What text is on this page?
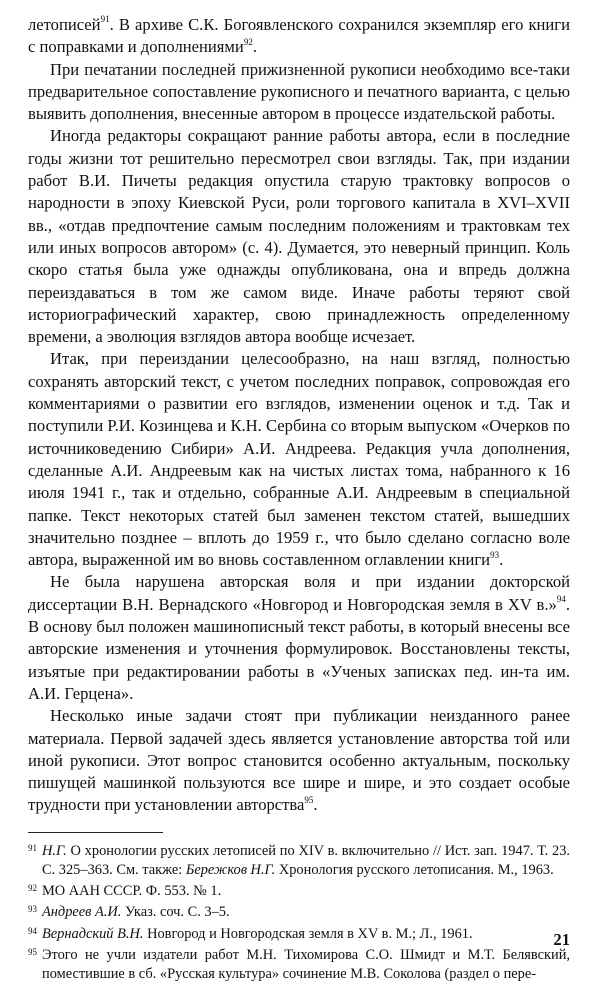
летописей$^{91}$. В архиве С.К. Богоявленского сохранился экземпляр его книги с поправками и дополнениями$^{92}$.

При печатании последней прижизненной рукописи необходимо все-таки предварительное сопоставление рукописного и печатного варианта, с целью выявить дополнения, внесенные автором в процессе издательской работы.

Иногда редакторы сокращают ранние работы автора, если в последние годы жизни тот решительно пересмотрел свои взгляды. Так, при издании работ В.И. Пичеты редакция опустила старую трактовку вопросов о народности в эпоху Киевской Руси, роли торгового капитала в XVI–XVII вв., «отдав предпочтение самым последним положениям и трактовкам тех или иных вопросов автором» (с. 4). Думается, это неверный принцип. Коль скоро статья была уже однажды опубликована, она и впредь должна переиздаваться в том же самом виде. Иначе работы теряют свой историографический характер, свою принадлежность определенному времени, а эволюция взглядов автора вообще исчезает.

Итак, при переиздании целесообразно, на наш взгляд, полностью сохранять авторский текст, с учетом последних поправок, сопровождая его комментариями о развитии его взглядов, изменении оценок и т.д. Так и поступили Р.И. Козинцева и К.Н. Сербина со вторым выпуском «Очерков по источниковедению Сибири» А.И. Андреева. Редакция учла дополнения, сделанные А.И. Андреевым как на чистых листах тома, набранного к 16 июля 1941 г., так и отдельно, собранные А.И. Андреевым в специальной папке. Текст некоторых статей был заменен текстом статей, вышедших значительно позднее – вплоть до 1959 г., что было сделано согласно воле автора, выраженной им во вновь составленном оглавлении книги$^{93}$.

Не была нарушена авторская воля и при издании докторской диссертации В.Н. Вернадского «Новгород и Новгородская земля в XV в.»$^{94}$. В основу был положен машинописный текст работы, в который внесены все авторские изменения и уточнения формулировок. Восстановлены тексты, изъятые при редактировании работы в «Ученых записках пед. ин-та им. А.И. Герцена».

Несколько иные задачи стоят при публикации неизданного ранее материала. Первой задачей здесь является установление авторства той или иной рукописи. Этот вопрос становится особенно актуальным, поскольку пишущей машинкой пользуются все шире и шире, и это создает особые трудности при установлении авторства$^{95}$.

91 Н.Г. О хронологии русских летописей по XIV в. включительно // Ист. зап. 1947. Т. 23. С. 325–363. См. также: Бережков Н.Г. Хронология русского летописания. М., 1963.
92 МО ААН СССР. Ф. 553. № 1.
93 Андреев А.И. Указ. соч. С. 3–5.
94 Вернадский В.Н. Новгород и Новгородская земля в XV в. М.; Л., 1961.
95 Этого не учли издатели работ М.Н. Тихомирова С.О. Шмидт и М.Т. Белявский, поместившие в сб. «Русская культура» сочинение М.В. Соколова (раздел о пере-
21
